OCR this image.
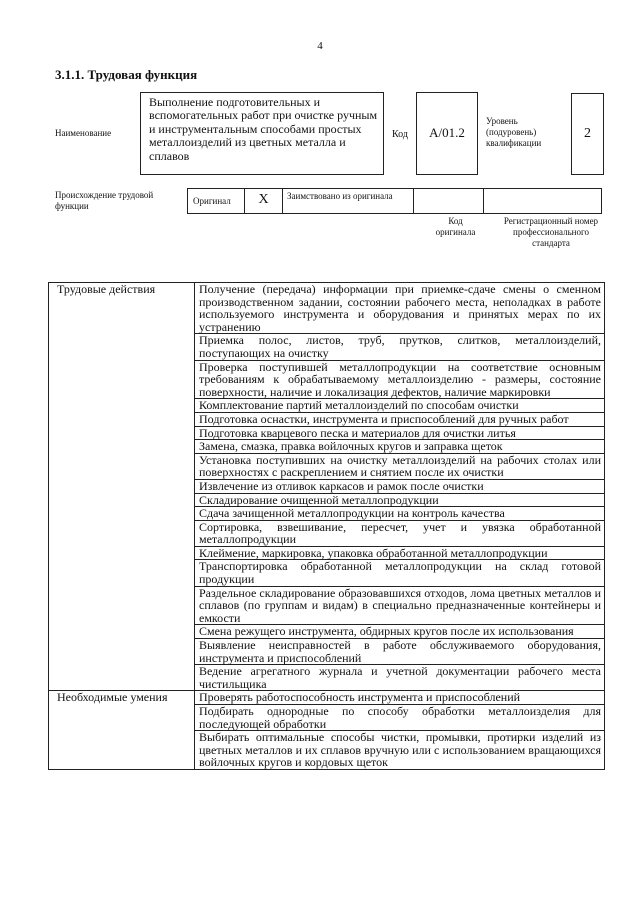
4
3.1.1. Трудовая функция
Наименование
Выполнение подготовительных и вспомогательных работ при очистке ручным и инструментальным способами простых металлоизделий из цветных металла и сплавов
Код	A/01.2
Уровень (подуровень) квалификации
2
Происхождение трудовой функции	Оригинал	X	Заимствовано из оригинала
Код оригинала
Регистрационный номер профессионального стандарта
Трудовые действия	Получение (передача) информации при приемке-сдаче смены о сменном производственном задании, состоянии рабочего места, неполадках в работе используемого инструмента и оборудования и принятых мерах по их устранению
	Приемка полос, листов, труб, прутков, слитков, металлоизделий, поступающих на очистку
	Проверка поступившей металлопродукции на соответствие основным требованиям к обрабатываемому металлоизделию - размеры, состояние поверхности, наличие и локализация дефектов, наличие маркировки
	Комплектование партий металлоизделий по способам очистки
	Подготовка оснастки, инструмента и приспособлений для ручных работ
	Подготовка кварцевого песка и материалов для очистки литья
	Замена, смазка, правка войлочных кругов и заправка щеток
	Установка поступивших на очистку металлоизделий на рабочих столах или поверхностях с раскреплением и снятием после их очистки
	Извлечение из отливок каркасов и рамок после очистки
	Складирование очищенной металлопродукции
	Сдача зачищенной металлопродукции на контроль качества
	Сортировка, взвешивание, пересчет, учет и увязка обработанной металлопродукции
	Клеймение, маркировка, упаковка обработанной металлопродукции
	Транспортировка обработанной металлопродукции на склад готовой продукции
	Раздельное складирование образовавшихся отходов, лома цветных металлов и сплавов (по группам и видам) в специально предназначенные контейнеры и емкости
	Смена режущего инструмента, обдирных кругов после их использования
	Выявление неисправностей в работе обслуживаемого оборудования, инструмента и приспособлений
	Ведение агрегатного журнала и учетной документации рабочего места чистильщика
Необходимые умения	Проверять работоспособность инструмента и приспособлений
	Подбирать однородные по способу обработки металлоизделия для последующей обработки
	Выбирать оптимальные способы чистки, промывки, протирки изделий из цветных металлов и их сплавов вручную или с использованием вращающихся войлочных кругов и кордовых щеток
